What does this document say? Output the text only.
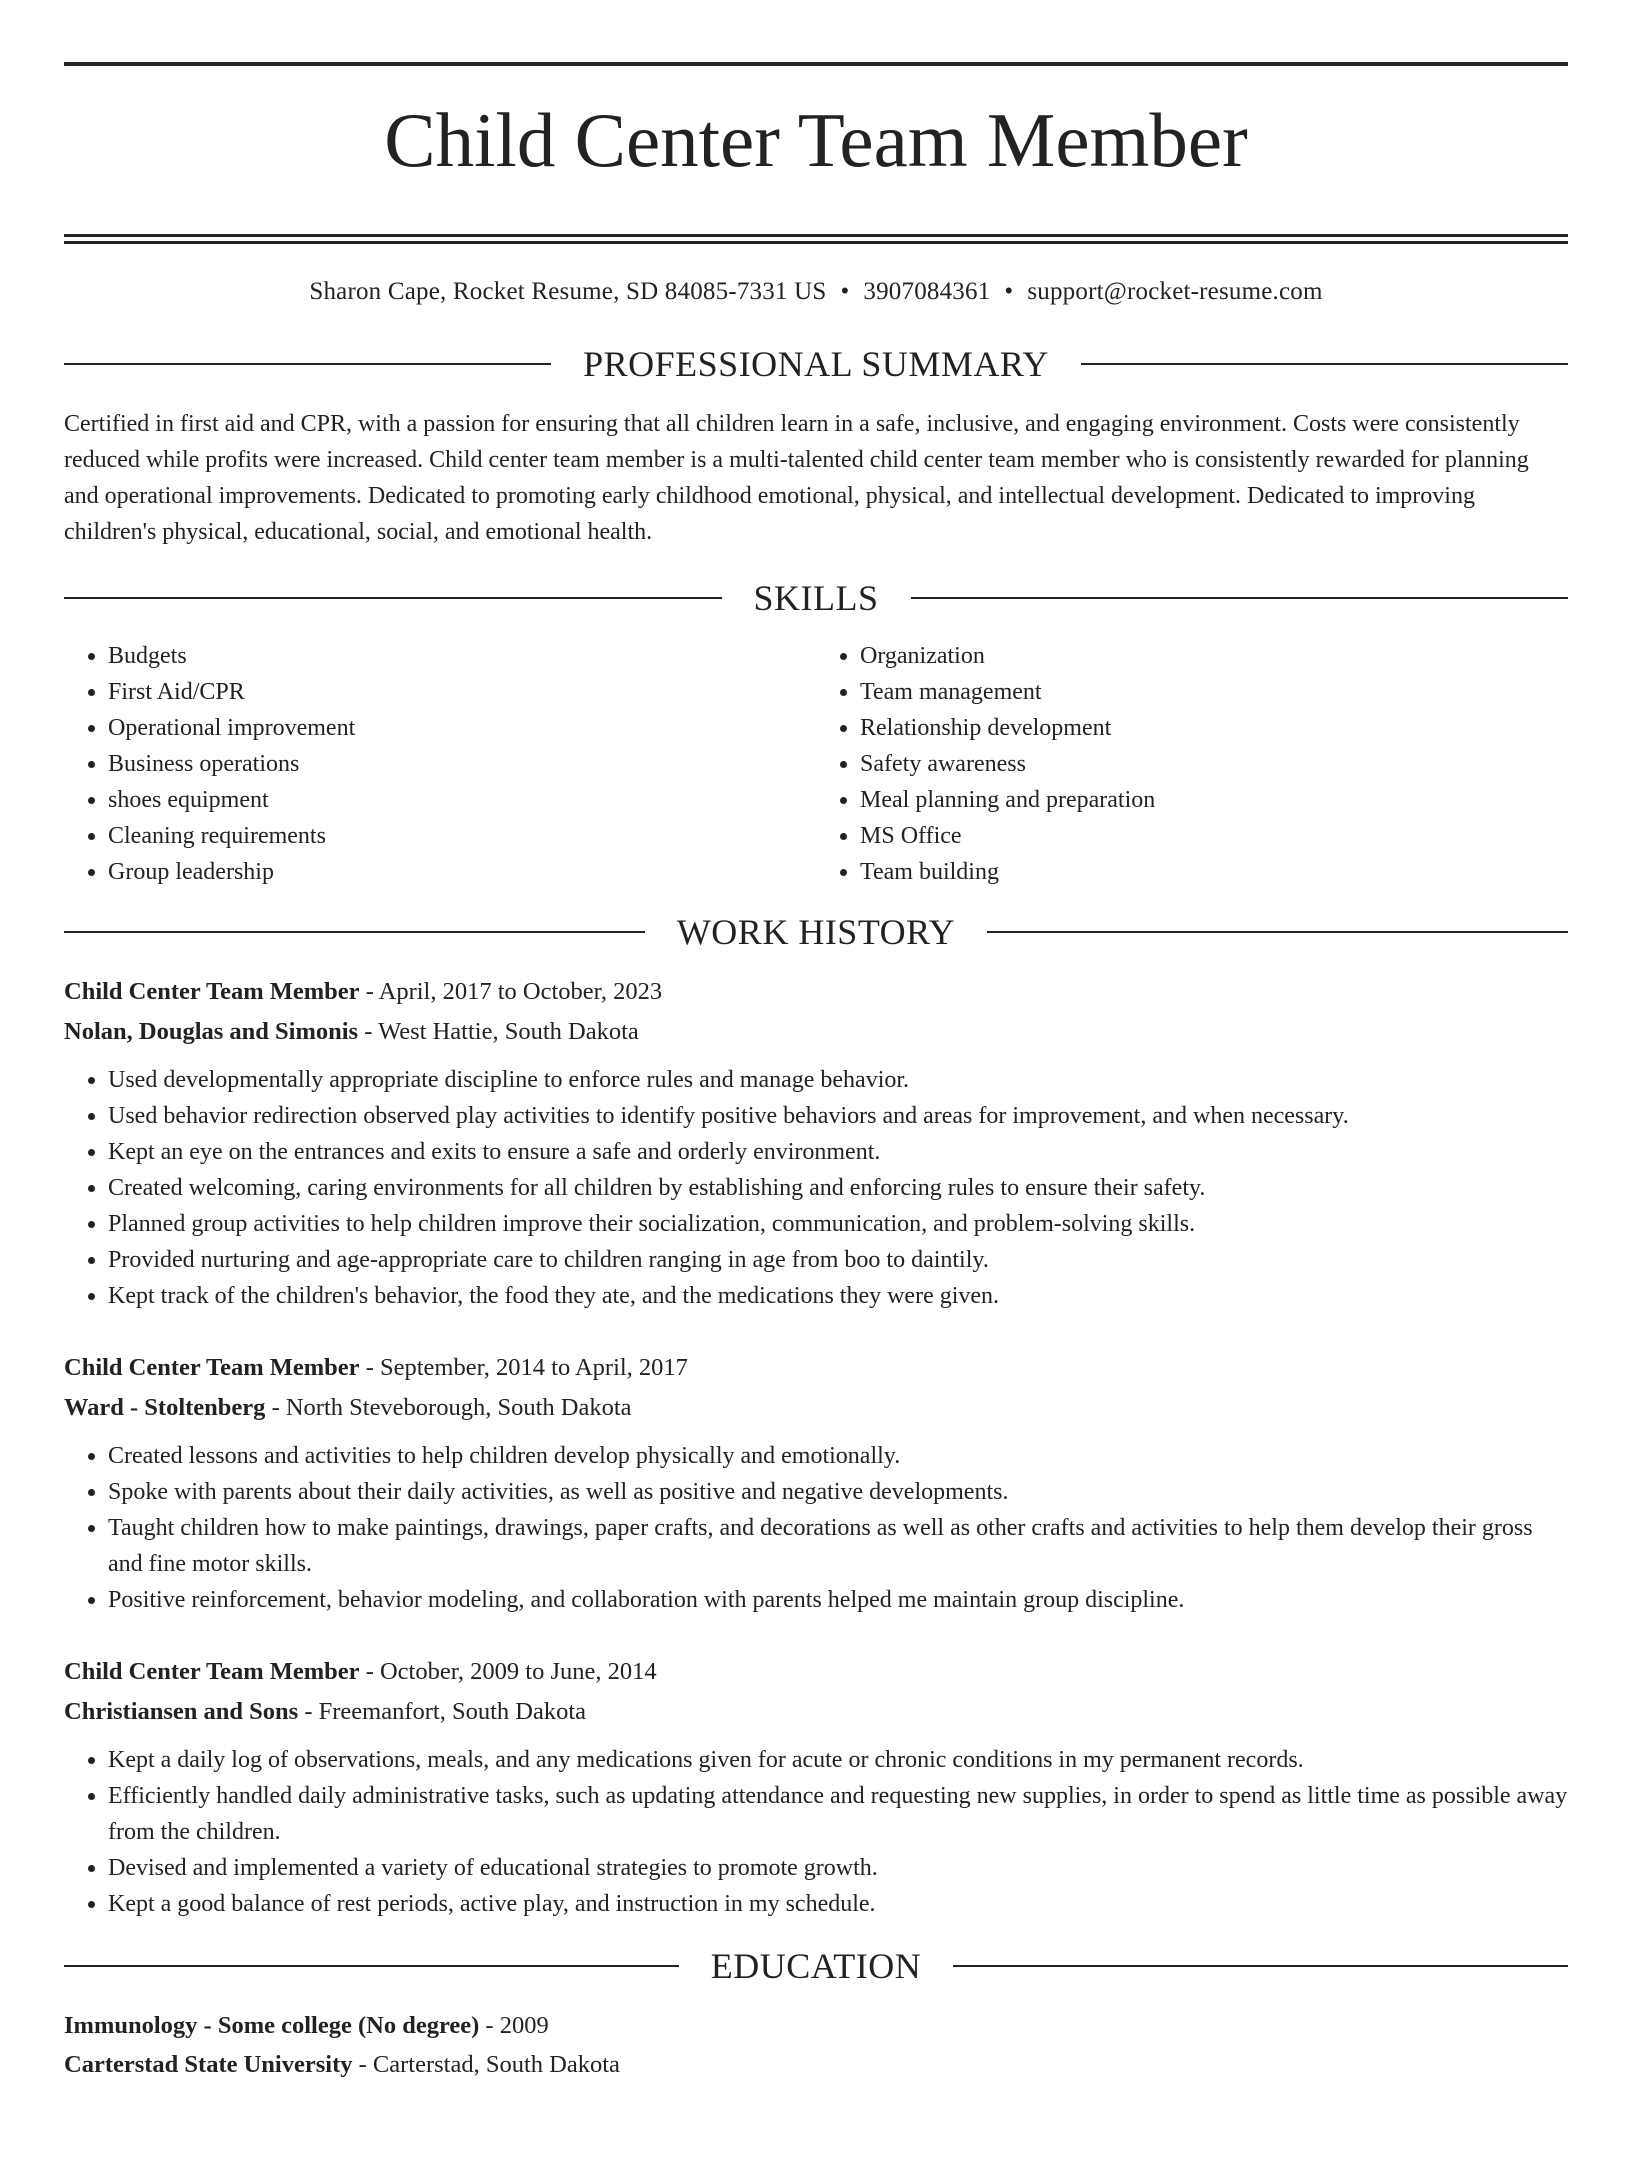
Child Center Team Member
Sharon Cape, Rocket Resume, SD 84085-7331 US • 3907084361 • support@rocket-resume.com
PROFESSIONAL SUMMARY
Certified in first aid and CPR, with a passion for ensuring that all children learn in a safe, inclusive, and engaging environment. Costs were consistently reduced while profits were increased. Child center team member is a multi-talented child center team member who is consistently rewarded for planning and operational improvements. Dedicated to promoting early childhood emotional, physical, and intellectual development. Dedicated to improving children's physical, educational, social, and emotional health.
SKILLS
• Budgets
• First Aid/CPR
• Operational improvement
• Business operations
• shoes equipment
• Cleaning requirements
• Group leadership
• Organization
• Team management
• Relationship development
• Safety awareness
• Meal planning and preparation
• MS Office
• Team building
WORK HISTORY
Child Center Team Member - April, 2017 to October, 2023
Nolan, Douglas and Simonis - West Hattie, South Dakota
• Used developmentally appropriate discipline to enforce rules and manage behavior.
• Used behavior redirection observed play activities to identify positive behaviors and areas for improvement, and when necessary.
• Kept an eye on the entrances and exits to ensure a safe and orderly environment.
• Created welcoming, caring environments for all children by establishing and enforcing rules to ensure their safety.
• Planned group activities to help children improve their socialization, communication, and problem-solving skills.
• Provided nurturing and age-appropriate care to children ranging in age from boo to daintily.
• Kept track of the children's behavior, the food they ate, and the medications they were given.
Child Center Team Member - September, 2014 to April, 2017
Ward - Stoltenberg - North Steveborough, South Dakota
• Created lessons and activities to help children develop physically and emotionally.
• Spoke with parents about their daily activities, as well as positive and negative developments.
• Taught children how to make paintings, drawings, paper crafts, and decorations as well as other crafts and activities to help them develop their gross and fine motor skills.
• Positive reinforcement, behavior modeling, and collaboration with parents helped me maintain group discipline.
Child Center Team Member - October, 2009 to June, 2014
Christiansen and Sons - Freemanfort, South Dakota
• Kept a daily log of observations, meals, and any medications given for acute or chronic conditions in my permanent records.
• Efficiently handled daily administrative tasks, such as updating attendance and requesting new supplies, in order to spend as little time as possible away from the children.
• Devised and implemented a variety of educational strategies to promote growth.
• Kept a good balance of rest periods, active play, and instruction in my schedule.
EDUCATION
Immunology - Some college (No degree) - 2009
Carterstad State University - Carterstad, South Dakota
